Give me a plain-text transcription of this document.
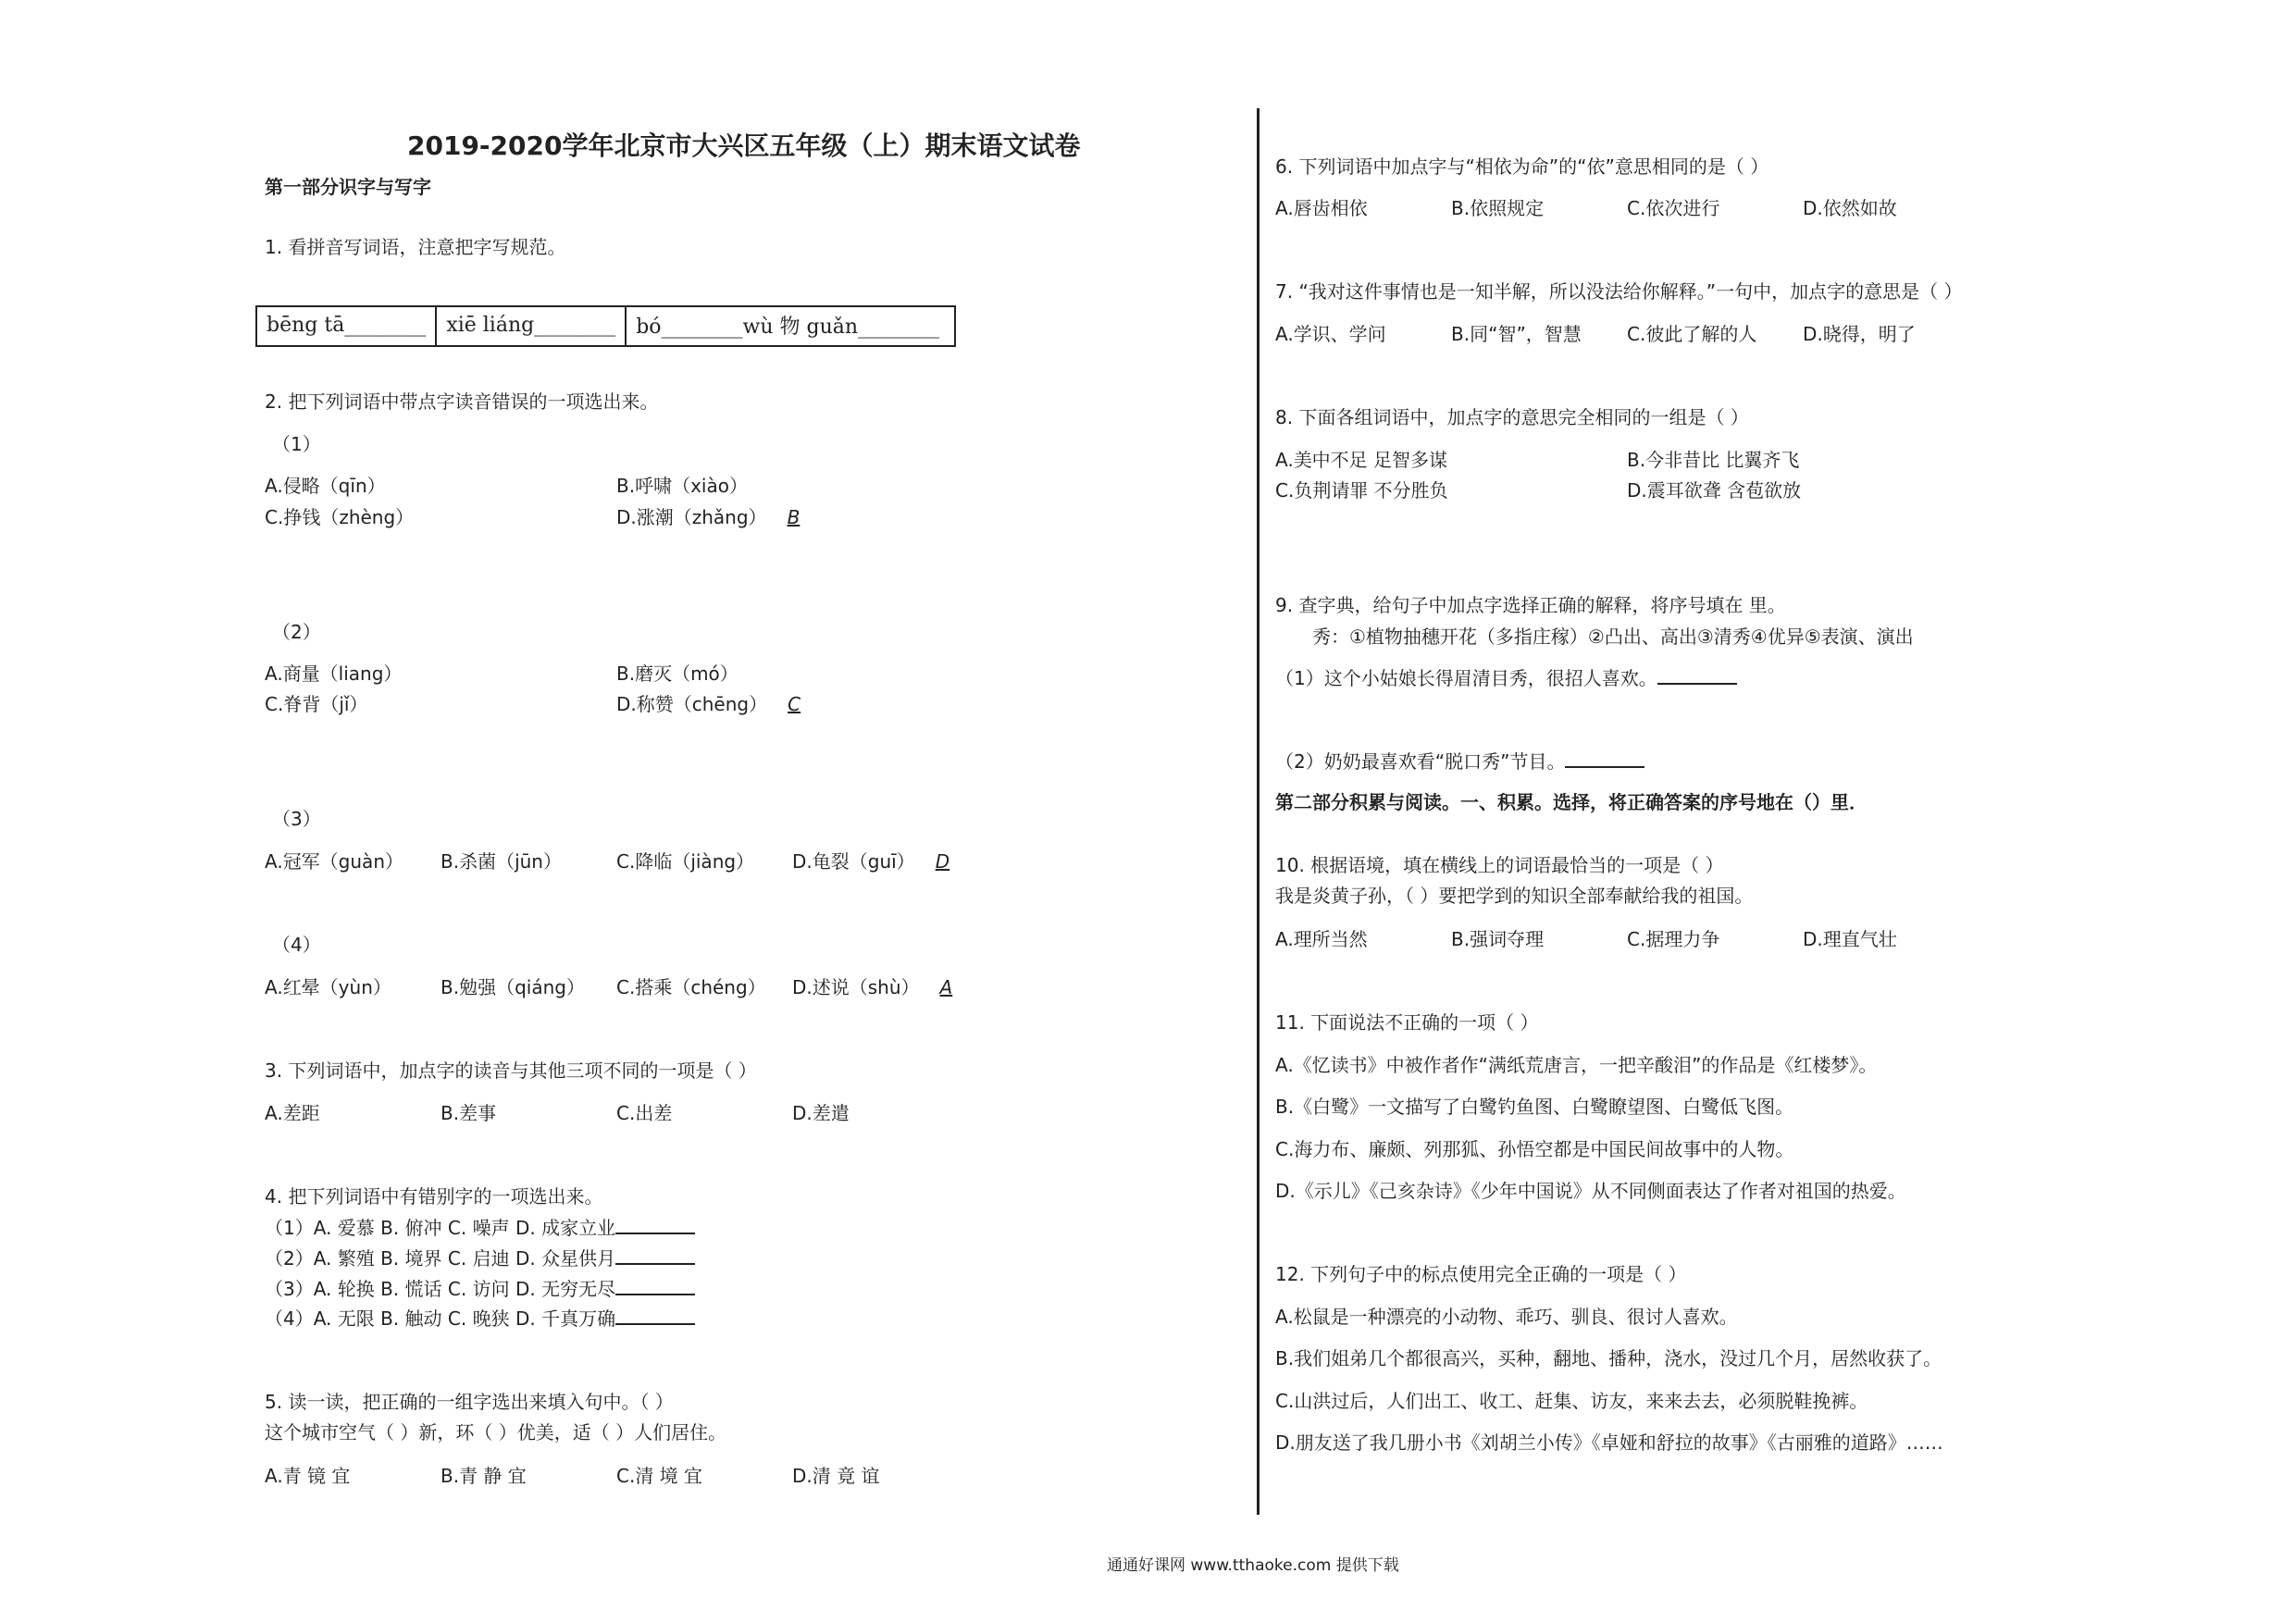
2019-2020学年北京市大兴区五年级（上）期末语文试卷
第一部分识字与写字
1. 看拼音写词语，注意把字写规范。
bēng tā________	xiē liáng________	bó________wù 物 guǎn________
2. 把下列词语中带点字读音错误的一项选出来。
（1）
A.侵略（qīn）	B.呼啸（xiào）
C.挣钱（zhèng）	D.涨潮（zhǎng） B
（2）
A.商量（liang）	B.磨灭（mó）
C.脊背（jǐ）	D.称赞（chēng） C
（3）
A.冠军（guàn） B.杀菌（jūn）	C.降临（jiàng） D.龟裂（guī） D
（4）
A.红晕（yùn）	B.勉强（qiáng） C.搭乘（chéng） D.述说（shù） A
3. 下列词语中，加点字的读音与其他三项不同的一项是（ ）
A.差距	B.差事	C.出差	D.差遣
4. 把下列词语中有错别字的一项选出来。
（1）A. 爱慕 B. 俯冲 C. 噪声 D. 成家立业
（2）A. 繁殖 B. 境界 C. 启迪 D. 众星供月
（3）A. 轮换 B. 慌话 C. 访问 D. 无穷无尽
（4）A. 无限 B. 触动 C. 晚狭 D. 千真万确
5. 读一读，把正确的一组字选出来填入句中。（ ）
这个城市空气（ ）新，环（ ）优美，适（ ）人们居住。
A.青 镜 宜	B.青 静 宜	C.清 境 宜	D.清 竟 谊
6. 下列词语中加点字与“相依为命”的“依”意思相同的是（ ）
A.唇齿相依	B.依照规定	C.依次进行	D.依然如故
7. “我对这件事情也是一知半解，所以没法给你解释。”一句中，加点字的意思是（ ）
A.学识、学问	B.同“智”，智慧 C.彼此了解的人 D.晓得，明了
8. 下面各组词语中，加点字的意思完全相同的一组是（ ）
A.美中不足 足智多谋	B.今非昔比 比翼齐飞
C.负荆请罪 不分胜负	D.震耳欲聋 含苞欲放
9. 查字典，给句子中加点字选择正确的解释，将序号填在 里。
秀：①植物抽穗开花（多指庄稼）②凸出、高出③清秀④优异⑤表演、演出
（1）这个小姑娘长得眉清目秀，很招人喜欢。
（2）奶奶最喜欢看“脱口秀”节目。
第二部分积累与阅读。一、积累。选择，将正确答案的序号地在（）里．
10. 根据语境，填在横线上的词语最恰当的一项是（ ）
我是炎黄子孙，（ ）要把学到的知识全部奉献给我的祖国。
A.理所当然	B.强词夺理	C.据理力争	D.理直气壮
11. 下面说法不正确的一项（ ）
A.《忆读书》中被作者作“满纸荒唐言，一把辛酸泪”的作品是《红楼梦》。
B.《白鹭》一文描写了白鹭钓鱼图、白鹭瞭望图、白鹭低飞图。
C.海力布、廉颇、列那狐、孙悟空都是中国民间故事中的人物。
D.《示儿》《己亥杂诗》《少年中国说》从不同侧面表达了作者对祖国的热爱。
12. 下列句子中的标点使用完全正确的一项是（ ）
A.松鼠是一种漂亮的小动物、乖巧、驯良、很讨人喜欢。
B.我们姐弟几个都很高兴，买种，翻地、播种，浇水，没过几个月，居然收获了。
C.山洪过后，人们出工、收工、赶集、访友，来来去去，必须脱鞋挽裤。
D.朋友送了我几册小书《刘胡兰小传》《卓娅和舒拉的故事》《古丽雅的道路》……
通通好课网 www.tthaoke.com 提供下载
